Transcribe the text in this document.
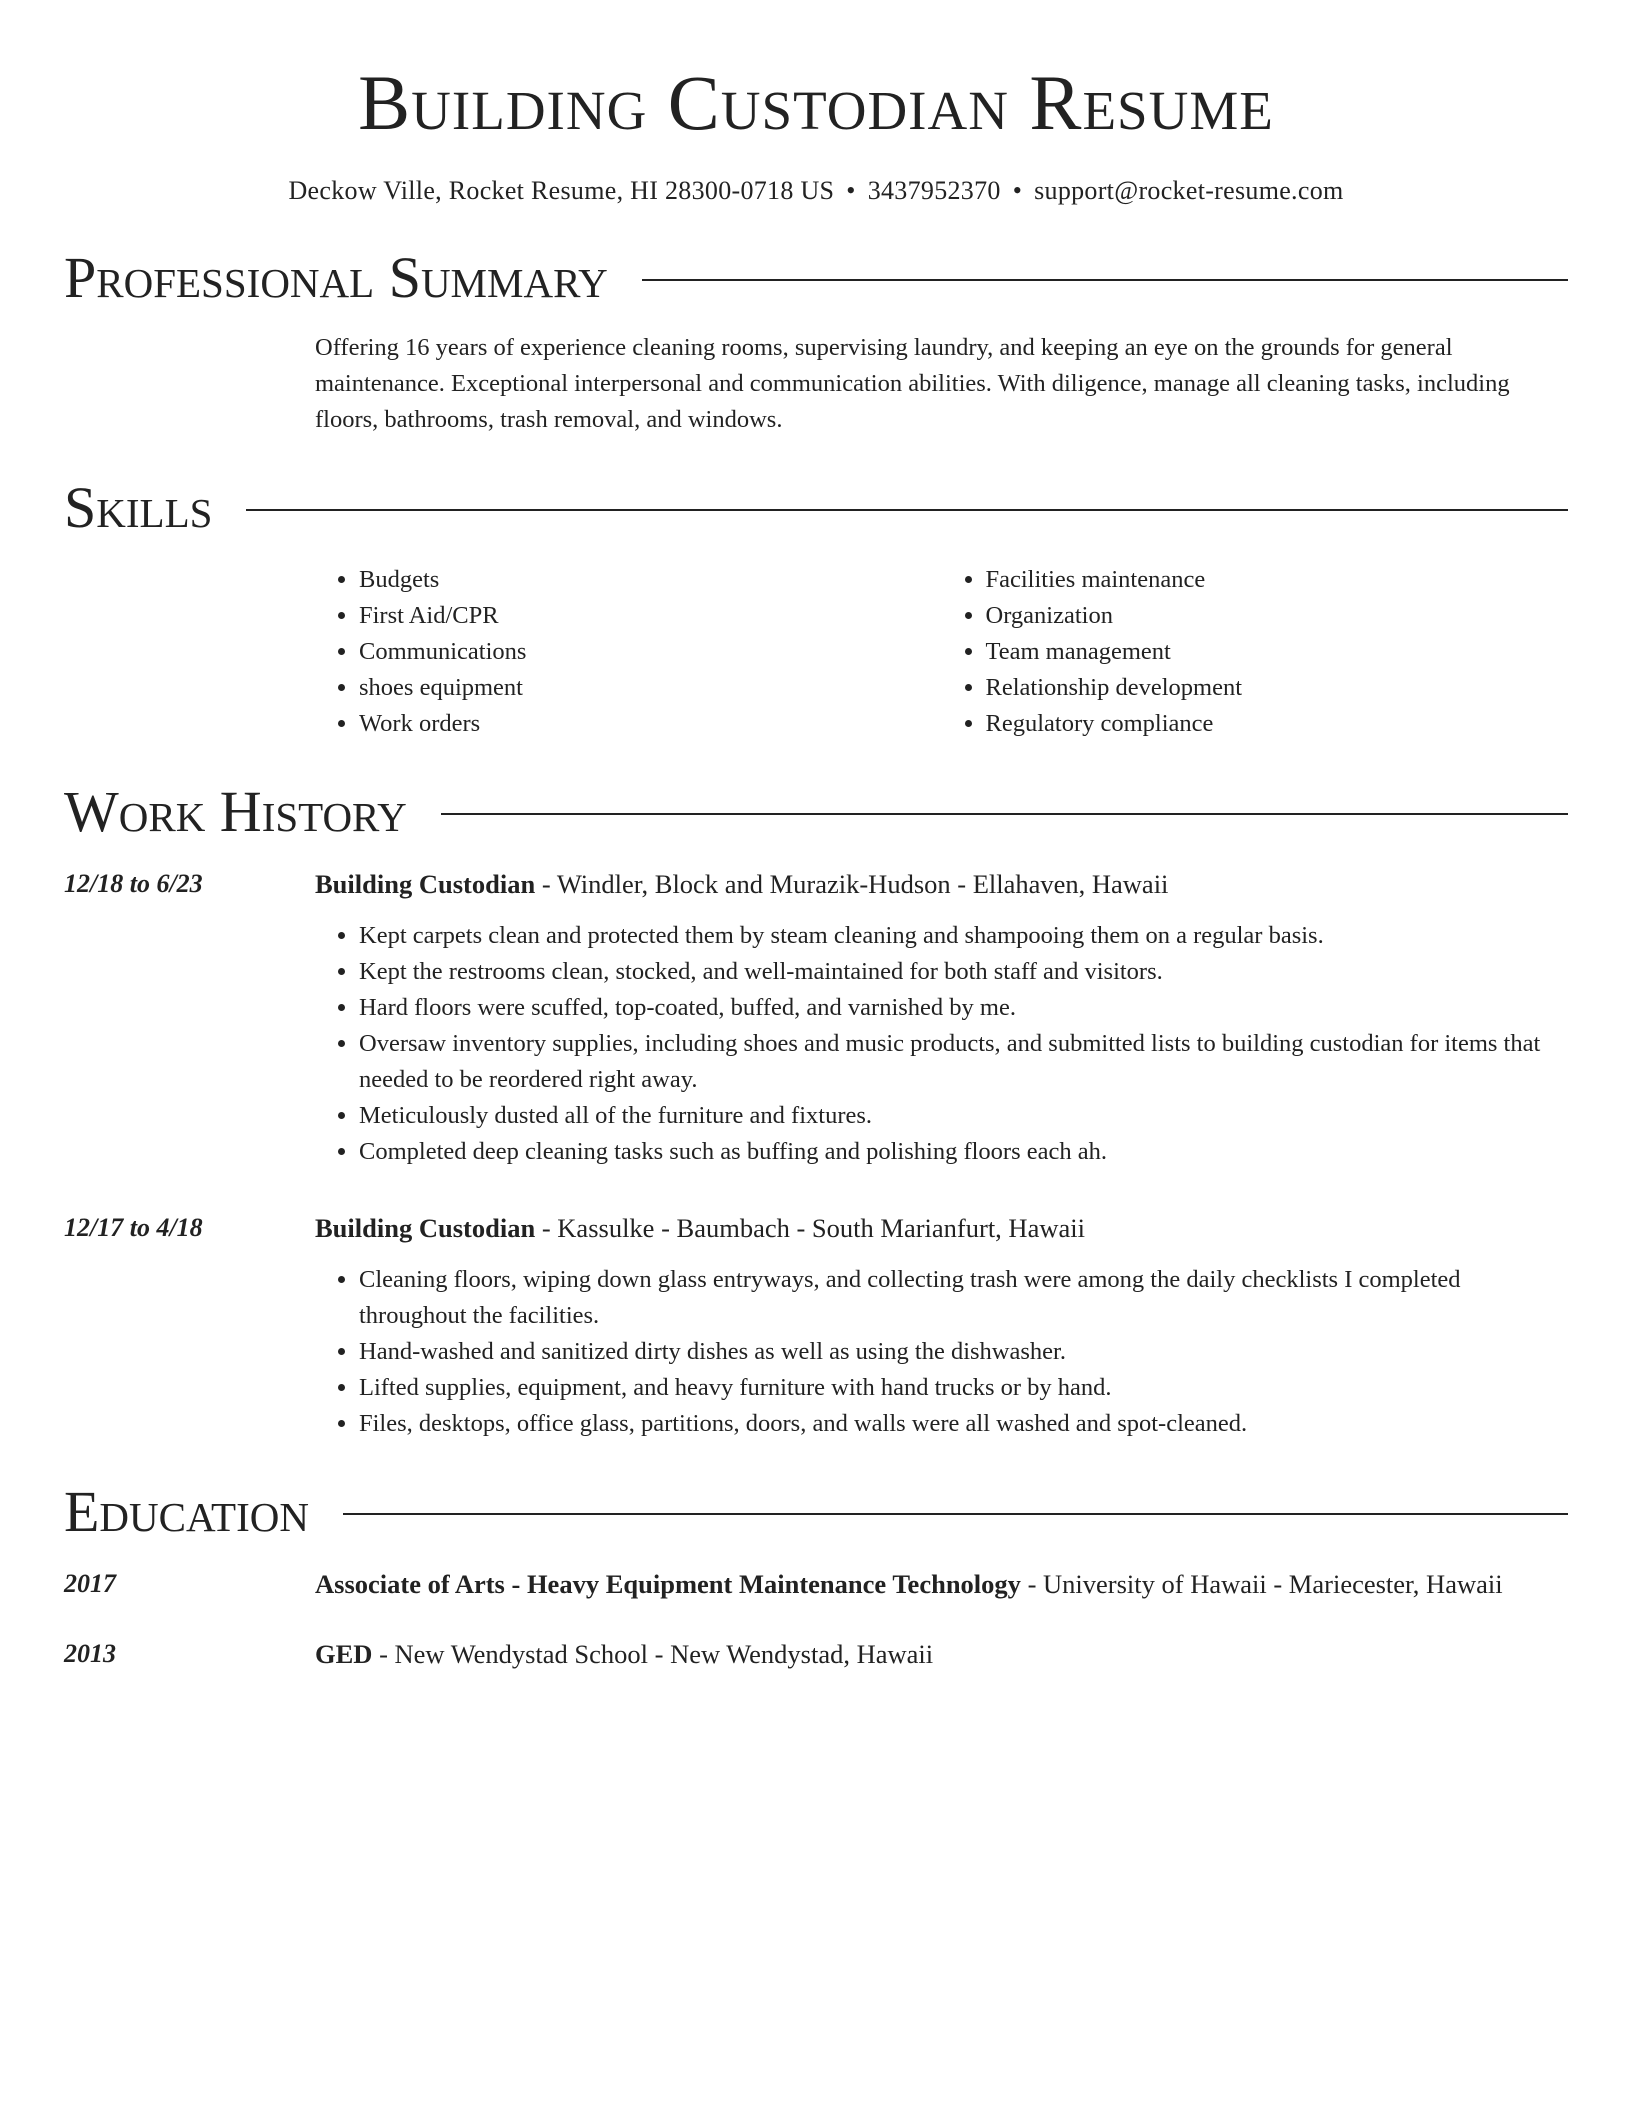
Building Custodian Resume
Deckow Ville, Rocket Resume, HI 28300-0718 US • 3437952370 • support@rocket-resume.com
Professional Summary
Offering 16 years of experience cleaning rooms, supervising laundry, and keeping an eye on the grounds for general maintenance. Exceptional interpersonal and communication abilities. With diligence, manage all cleaning tasks, including floors, bathrooms, trash removal, and windows.
Skills
• Budgets
• First Aid/CPR
• Communications
• shoes equipment
• Work orders
• Facilities maintenance
• Organization
• Team management
• Relationship development
• Regulatory compliance
Work History
12/18 to 6/23	Building Custodian - Windler, Block and Murazik-Hudson - Ellahaven, Hawaii
• Kept carpets clean and protected them by steam cleaning and shampooing them on a regular basis.
• Kept the restrooms clean, stocked, and well-maintained for both staff and visitors.
• Hard floors were scuffed, top-coated, buffed, and varnished by me.
• Oversaw inventory supplies, including shoes and music products, and submitted lists to building custodian for items that needed to be reordered right away.
• Meticulously dusted all of the furniture and fixtures.
• Completed deep cleaning tasks such as buffing and polishing floors each ah.
12/17 to 4/18	Building Custodian - Kassulke - Baumbach - South Marianfurt, Hawaii
• Cleaning floors, wiping down glass entryways, and collecting trash were among the daily checklists I completed throughout the facilities.
• Hand-washed and sanitized dirty dishes as well as using the dishwasher.
• Lifted supplies, equipment, and heavy furniture with hand trucks or by hand.
• Files, desktops, office glass, partitions, doors, and walls were all washed and spot-cleaned.
Education
2017	Associate of Arts - Heavy Equipment Maintenance Technology - University of Hawaii - Mariecester, Hawaii
2013	GED - New Wendystad School - New Wendystad, Hawaii
